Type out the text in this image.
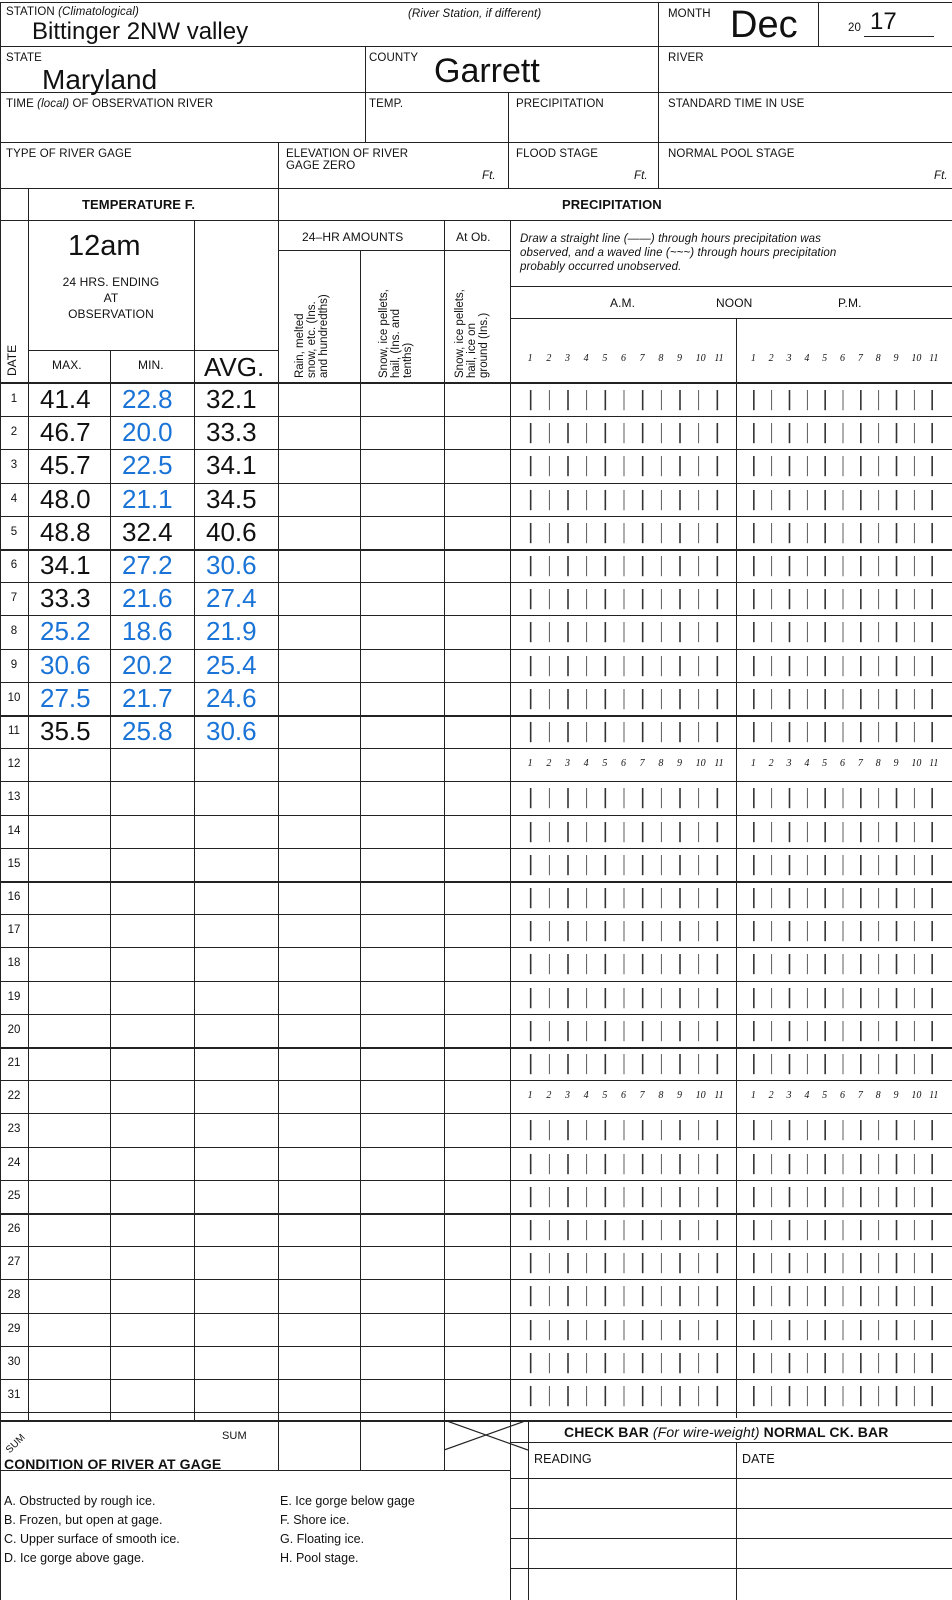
STATION (Climatological)
Bittinger 2NW valley
(River Station, if different)	MONTH Dec	20 17
STATE
Maryland
COUNTY Garrett	RIVER
TIME (local) OF OBSERVATION RIVER	TEMP.	PRECIPITATION	STANDARD TIME IN USE
TYPE OF RIVER GAGE	ELEVATION OF RIVER
GAGE ZERO
Ft.
FLOOD STAGE
Ft.
NORMAL POOL STAGE
Ft.
TEMPERATURE F.	PRECIPITATION
12am
24 HRS. ENDING
AT
OBSERVATION
MAX.	MIN. AVG.
DATE
24–HR AMOUNTS	At Ob.
Rain, melted snow, etc. (Ins. and hundredths)	Snow, ice pellets, hail, (Ins. and tenths)	Snow, ice pellets, hail, ice on ground (Ins.)
Draw a straight line (——) through hours precipitation was
observed, and a waved line (~~~) through hours precipitation
probably occurred unobserved.
A.M.	NOON	P.M.
1 2 3 4 5 6 7 8 9 10 11	1 2 3 4 5 6 7 8 9 10 11
1 41.4 22.8 32.1
2 46.7 20.0 33.3
3 45.7 22.5 34.1
4 48.0 21.1 34.5
5 48.8 32.4 40.6
6 34.1 27.2 30.6
7 33.3 21.6 27.4
8 25.2 18.6 21.9
9 30.6 20.2 25.4
10 27.5 21.7 24.6
11 35.5 25.8 30.6
12	1 2 3 4 5 6 7 8 9 10 11	1 2 3 4 5 6 7 8 9 10 11
13
14
15
16
17
18
19
20
21
22	1 2 3 4 5 6 7 8 9 10 11	1 2 3 4 5 6 7 8 9 10 11
23
24
25
26
27
28
29
30
31
SUM	SUM	CHECK BAR (For wire-weight) NORMAL CK. BAR
CONDITION OF RIVER AT GAGE	READING	DATE
A. Obstructed by rough ice.
B. Frozen, but open at gage.
C. Upper surface of smooth ice.
D. Ice gorge above gage.
E. Ice gorge below gage
F. Shore ice.
G. Floating ice.
H. Pool stage.
